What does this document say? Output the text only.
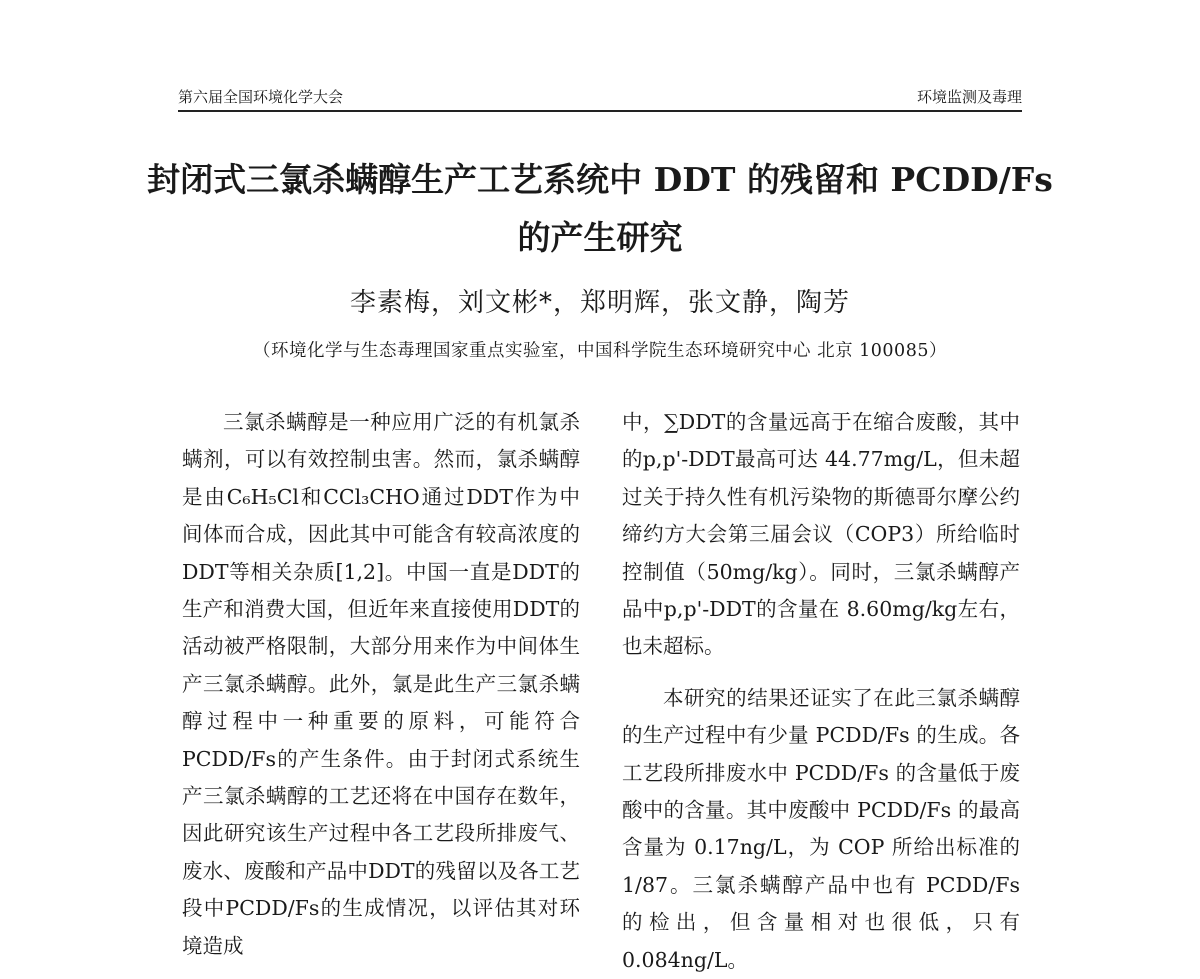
第六届全国环境化学大会	环境监测及毒理
封闭式三氯杀螨醇生产工艺系统中 DDT 的残留和 PCDD/Fs
的产生研究
李素梅，刘文彬*，郑明辉，张文静，陶芳
（环境化学与生态毒理国家重点实验室，中国科学院生态环境研究中心 北京 100085）

三氯杀螨醇是一种应用广泛的有机氯杀螨剂，可以有效控制虫害。然而，氯杀螨醇是由C₆H₅Cl和CCl₃CHO通过DDT作为中间体而合成，因此其中可能含有较高浓度的DDT等相关杂质[1,2]。中国一直是DDT的生产和消费大国，但近年来直接使用DDT的活动被严格限制，大部分用来作为中间体生产三氯杀螨醇。此外，氯是此生产三氯杀螨醇过程中一种重要的原料，可能符合PCDD/Fs的产生条件。由于封闭式系统生产三氯杀螨醇的工艺还将在中国存在数年，因此研究该生产过程中各工艺段所排废气、废水、废酸和产品中DDT的残留以及各工艺段中PCDD/Fs的生成情况，以评估其对环境造成

中，∑DDT的含量远高于在缩合废酸，其中的p,p'-DDT最高可达 44.77mg/L，但未超过关于持久性有机污染物的斯德哥尔摩公约缔约方大会第三届会议（COP3）所给临时控制值（50mg/kg）。同时，三氯杀螨醇产品中p,p'-DDT的含量在 8.60mg/kg左右，也未超标。

本研究的结果还证实了在此三氯杀螨醇的生产过程中有少量 PCDD/Fs 的生成。各工艺段所排废水中 PCDD/Fs 的含量低于废酸中的含量。其中废酸中 PCDD/Fs 的最高含量为 0.17ng/L，为 COP 所给出标准的1/87。三氯杀螨醇产品中也有 PCDD/Fs 的检出，但含量相对也很低，只有 0.084ng/L。
